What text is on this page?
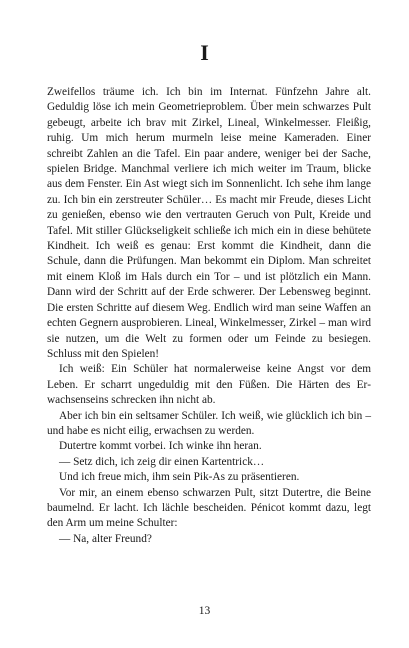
I

Zweifellos träume ich. Ich bin im Internat. Fünfzehn Jahre alt. Geduldig löse ich mein Geometrieproblem. Über mein schwarzes Pult gebeugt, arbeite ich brav mit Zirkel, Lineal, Winkelmesser. Fleißig, ruhig. Um mich herum murmeln leise meine Kameraden. Einer schreibt Zahlen an die Tafel. Ein paar andere, weniger bei der Sache, spielen Bridge. Manchmal verliere ich mich weiter im Traum, blicke aus dem Fenster. Ein Ast wiegt sich im Sonnenlicht. Ich sehe ihm lange zu. Ich bin ein zerstreuter Schüler… Es macht mir Freude, dieses Licht zu genießen, ebenso wie den vertrauten Geruch von Pult, Kreide und Tafel. Mit stiller Glückseligkeit schließe ich mich ein in diese behütete Kindheit. Ich weiß es genau: Erst kommt die Kindheit, dann die Schule, dann die Prüfungen. Man bekommt ein Diplom. Man schreitet mit einem Kloß im Hals durch ein Tor – und ist plötzlich ein Mann. Dann wird der Schritt auf der Erde schwerer. Der Lebensweg beginnt. Die ersten Schritte auf diesem Weg. Endlich wird man seine Waffen an echten Gegnern ausprobieren. Lineal, Winkelmesser, Zirkel – man wird sie nutzen, um die Welt zu formen oder um Feinde zu besiegen. Schluss mit den Spielen!

Ich weiß: Ein Schüler hat normalerweise keine Angst vor dem Leben. Er scharrt ungeduldig mit den Füßen. Die Härten des Erwachsenseins schrecken ihn nicht ab.

Aber ich bin ein seltsamer Schüler. Ich weiß, wie glücklich ich bin – und habe es nicht eilig, erwachsen zu werden.

Dutertre kommt vorbei. Ich winke ihn heran.

— Setz dich, ich zeig dir einen Kartentrick…

Und ich freue mich, ihm sein Pik-As zu präsentieren.

Vor mir, an einem ebenso schwarzen Pult, sitzt Dutertre, die Beine baumelnd. Er lacht. Ich lächle bescheiden. Pénicot kommt dazu, legt den Arm um meine Schulter:

— Na, alter Freund?

13
